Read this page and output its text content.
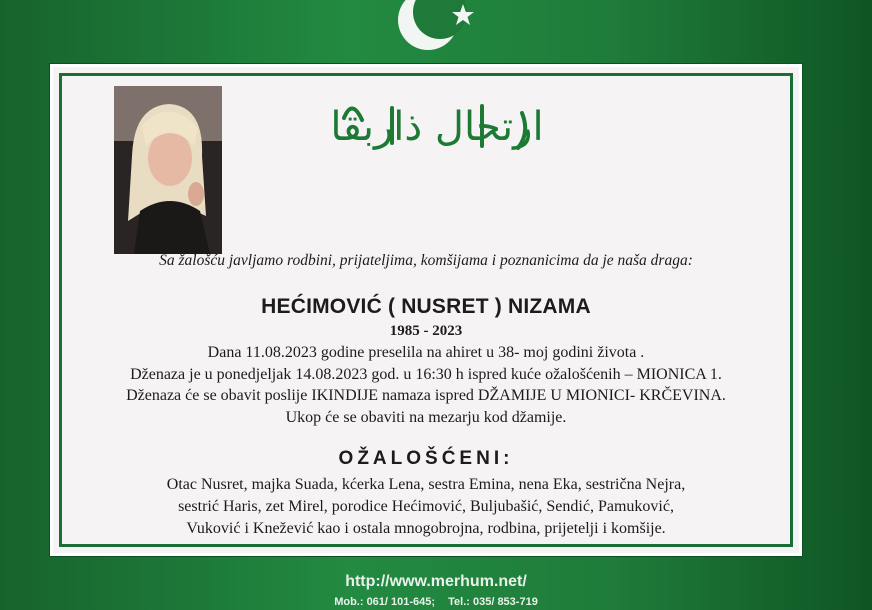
ارتحال ذاربقا
Sa žalošću javljamo rodbini, prijateljima, komšijama i poznanicima da je naša draga:
HEĆIMOVIĆ ( NUSRET ) NIZAMA
1985 - 2023
Dana 11.08.2023 godine preselila na ahiret u 38- moj godini života .
Dženaza je u ponedjeljak 14.08.2023 god. u 16:30 h ispred kuće ožalošćenih – MIONICA 1.
Dženaza će se obavit poslije IKINDIJE namaza ispred DŽAMIJE U MIONICI- KRČEVINA.
Ukop će se obaviti na mezarju kod džamije.
OŽALOŠĆENI:
Otac Nusret, majka Suada, kćerka Lena, sestra Emina, nena Eka, sestrična Nejra,
sestrić Haris, zet Mirel, porodice Hećimović, Buljubašić, Sendić, Pamuković,
Vuković i Knežević kao i ostala mnogobrojna, rodbina, prijetelji i komšije.
http://www.merhum.net/
Mob.: 061/ 101-645; Tel.: 035/ 853-719
